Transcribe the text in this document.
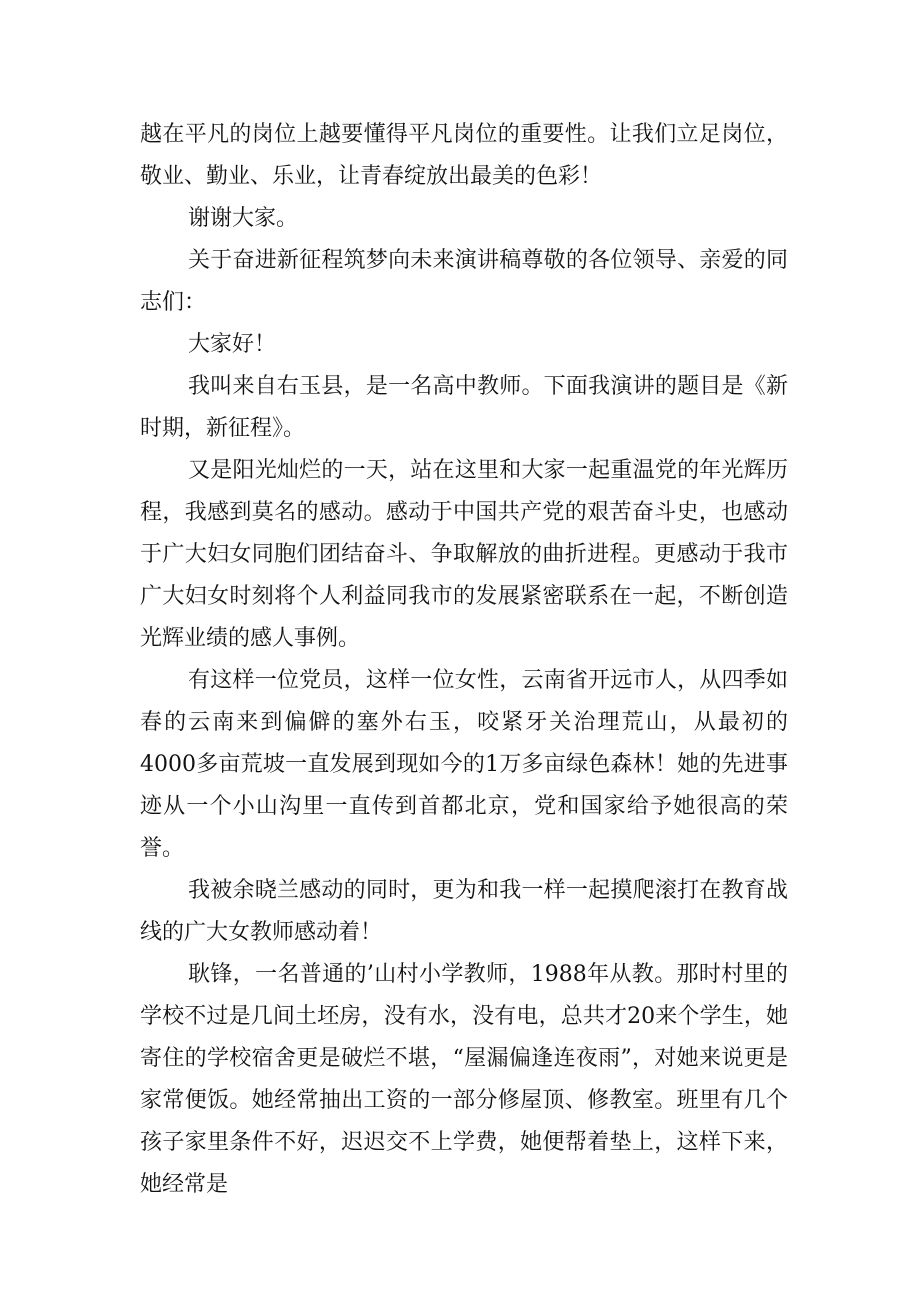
越在平凡的岗位上越要懂得平凡岗位的重要性。让我们立足岗位，敬业、勤业、乐业，让青春绽放出最美的色彩！

谢谢大家。

关于奋进新征程筑梦向未来演讲稿尊敬的各位领导、亲爱的同志们：

大家好！

我叫来自右玉县，是一名高中教师。下面我演讲的题目是《新时期，新征程》。

又是阳光灿烂的一天，站在这里和大家一起重温党的年光辉历程，我感到莫名的感动。感动于中国共产党的艰苦奋斗史，也感动于广大妇女同胞们团结奋斗、争取解放的曲折进程。更感动于我市广大妇女时刻将个人利益同我市的发展紧密联系在一起，不断创造光辉业绩的感人事例。

有这样一位党员，这样一位女性，云南省开远市人，从四季如春的云南来到偏僻的塞外右玉，咬紧牙关治理荒山，从最初的4000多亩荒坡一直发展到现如今的1万多亩绿色森林！她的先进事迹从一个小山沟里一直传到首都北京，党和国家给予她很高的荣誉。

我被余晓兰感动的同时，更为和我一样一起摸爬滚打在教育战线的广大女教师感动着！

耿锋，一名普通的’山村小学教师，1988年从教。那时村里的学校不过是几间土坯房，没有水，没有电，总共才20来个学生，她寄住的学校宿舍更是破烂不堪，“屋漏偏逢连夜雨”，对她来说更是家常便饭。她经常抽出工资的一部分修屋顶、修教室。班里有几个孩子家里条件不好，迟迟交不上学费，她便帮着垫上，这样下来，她经常是
